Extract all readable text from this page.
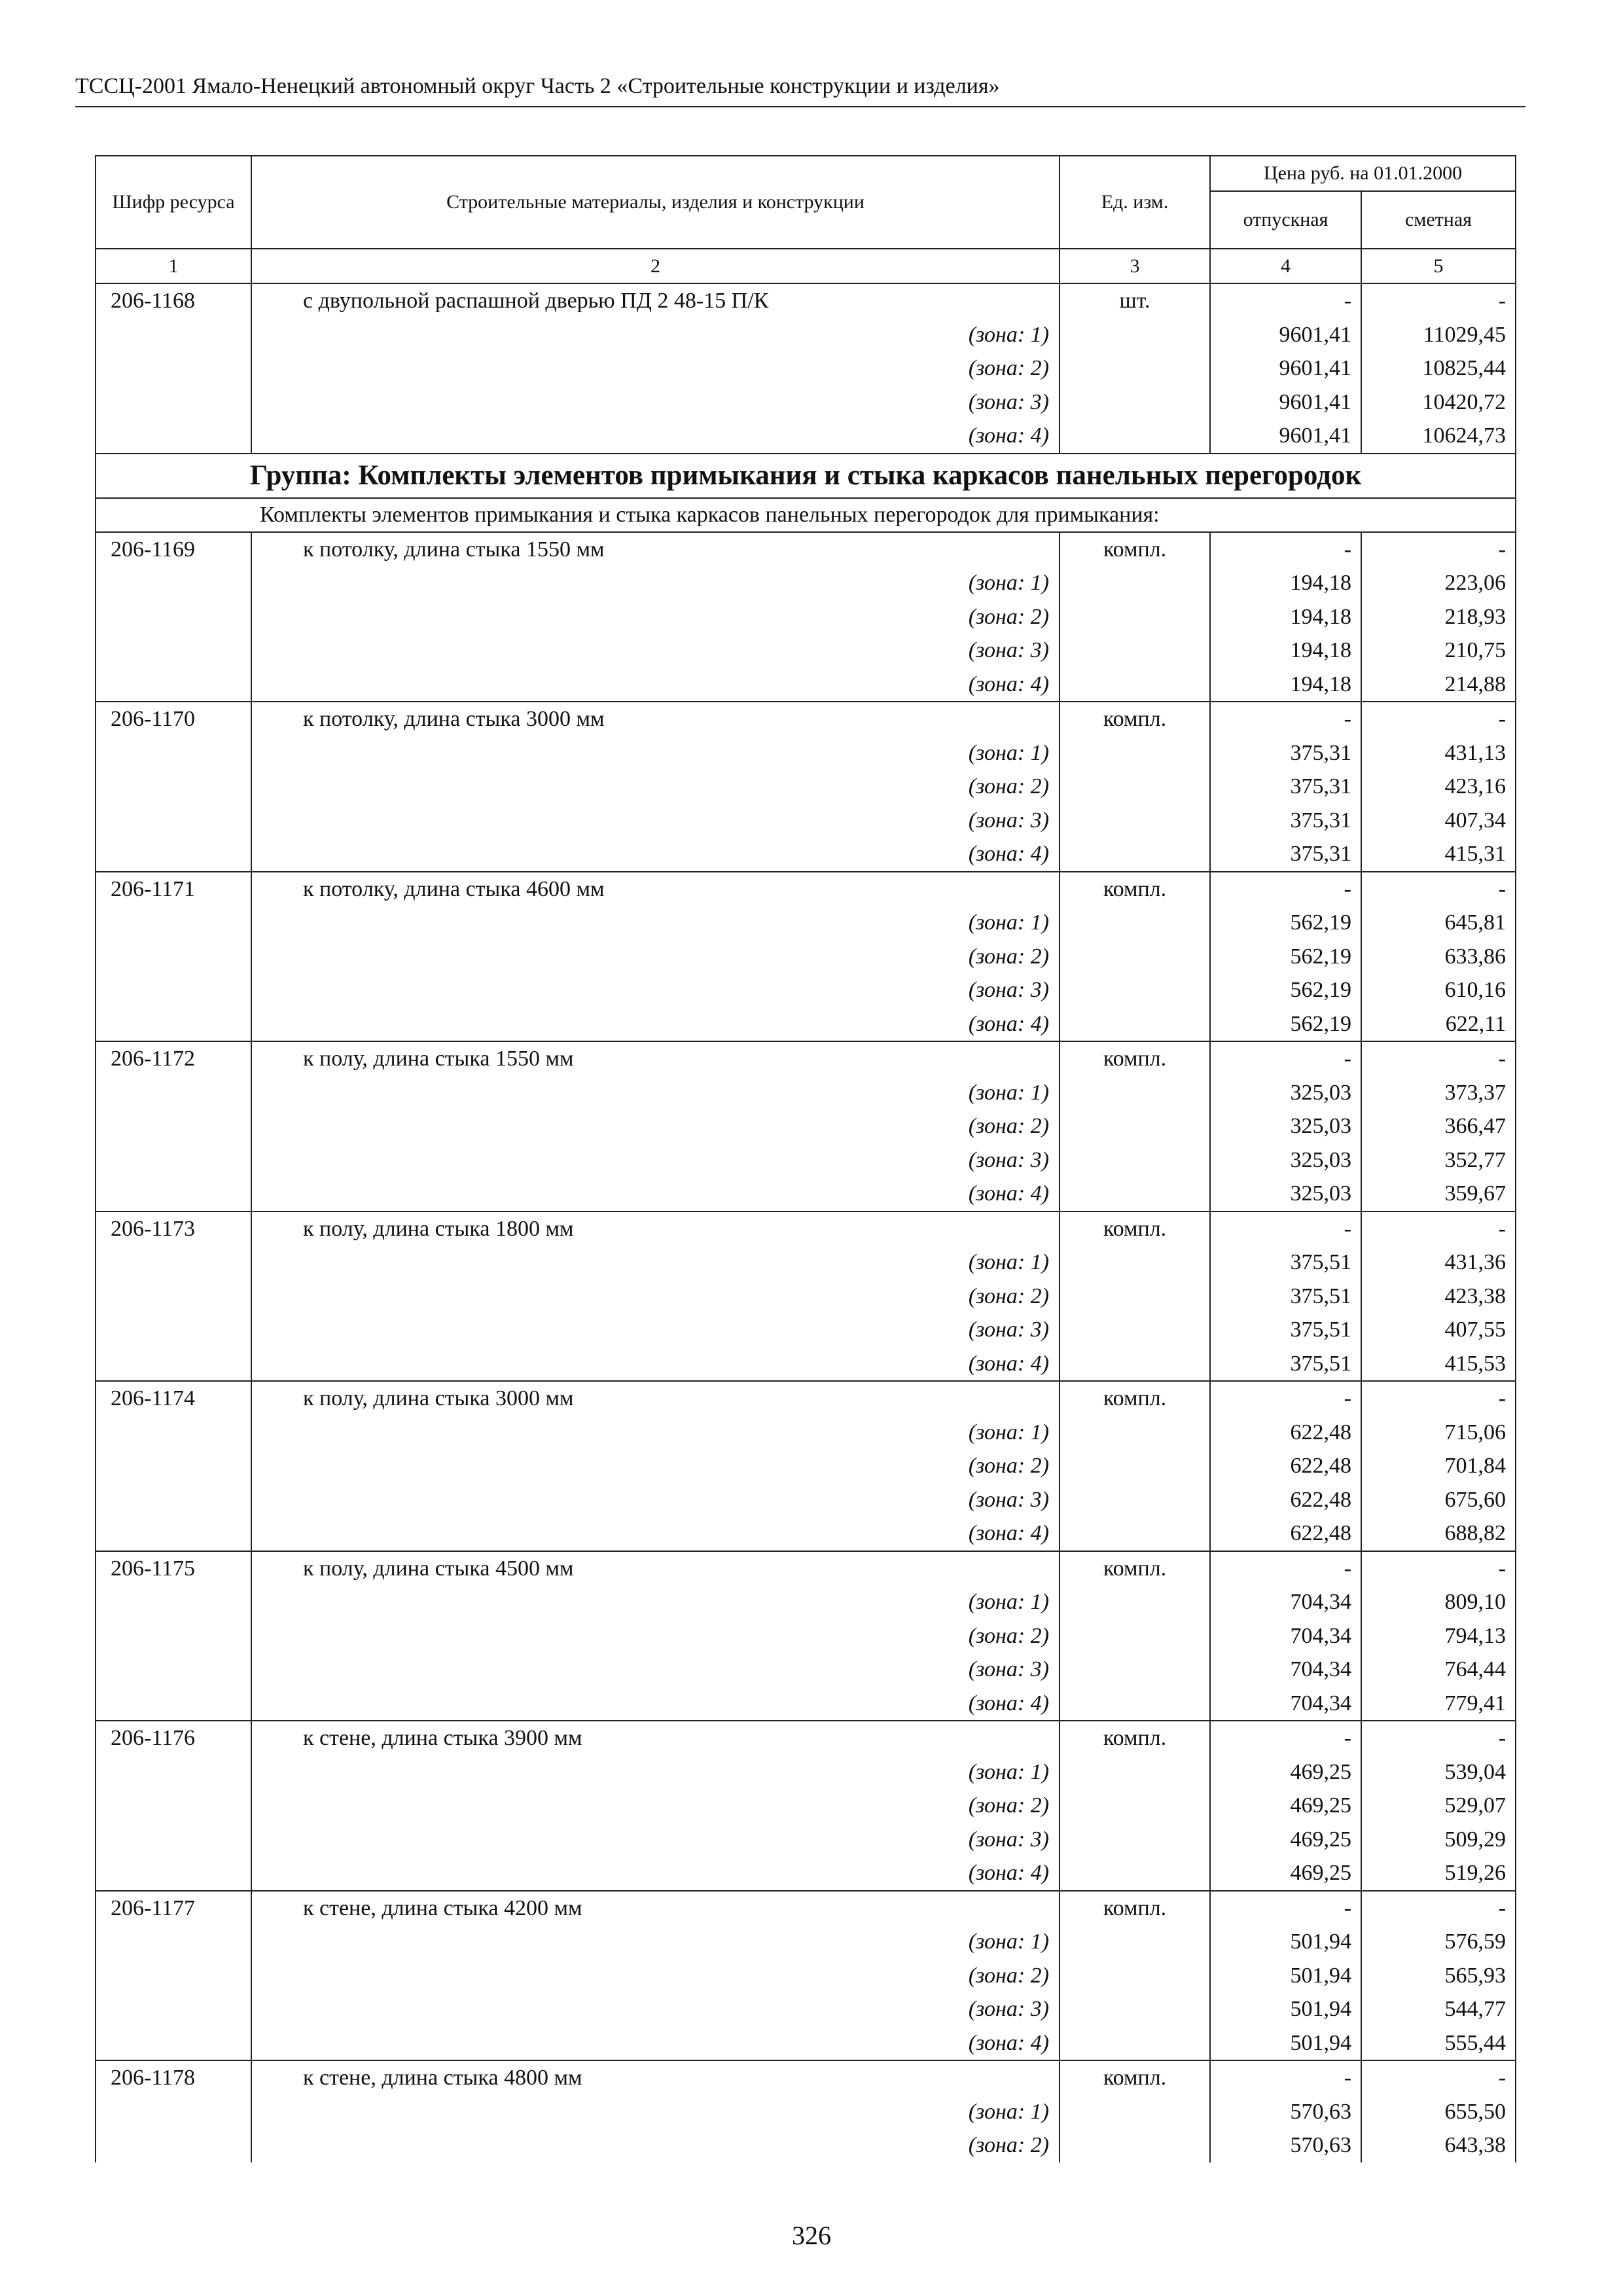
ТССЦ-2001 Ямало-Ненецкий автономный округ Часть 2 «Строительные конструкции и изделия»
Шифр ресурса	Строительные материалы, изделия и конструкции	Ед. изм.	Цена руб. на 01.01.2000	
			отпускная	сметная
1	2	3	4	5
206-1168	с двупольной распашной дверью ПД 2 48-15 П/К	шт.	-	-
	(зона: 1)		9601,41	11029,45
	(зона: 2)		9601,41	10825,44
	(зона: 3)		9601,41	10420,72
	(зона: 4)		9601,41	10624,73
Группа: Комплекты элементов примыкания и стыка каркасов панельных перегородок				
Комплекты элементов примыкания и стыка каркасов панельных перегородок для примыкания:				
206-1169	к потолку, длина стыка 1550 мм	компл.	-	-
	(зона: 1)		194,18	223,06
	(зона: 2)		194,18	218,93
	(зона: 3)		194,18	210,75
	(зона: 4)		194,18	214,88
206-1170	к потолку, длина стыка 3000 мм	компл.	-	-
	(зона: 1)		375,31	431,13
	(зона: 2)		375,31	423,16
	(зона: 3)		375,31	407,34
	(зона: 4)		375,31	415,31
206-1171	к потолку, длина стыка 4600 мм	компл.	-	-
	(зона: 1)		562,19	645,81
	(зона: 2)		562,19	633,86
	(зона: 3)		562,19	610,16
	(зона: 4)		562,19	622,11
206-1172	к полу, длина стыка 1550 мм	компл.	-	-
	(зона: 1)		325,03	373,37
	(зона: 2)		325,03	366,47
	(зона: 3)		325,03	352,77
	(зона: 4)		325,03	359,67
206-1173	к полу, длина стыка 1800 мм	компл.	-	-
	(зона: 1)		375,51	431,36
	(зона: 2)		375,51	423,38
	(зона: 3)		375,51	407,55
	(зона: 4)		375,51	415,53
206-1174	к полу, длина стыка 3000 мм	компл.	-	-
	(зона: 1)		622,48	715,06
	(зона: 2)		622,48	701,84
	(зона: 3)		622,48	675,60
	(зона: 4)		622,48	688,82
206-1175	к полу, длина стыка 4500 мм	компл.	-	-
	(зона: 1)		704,34	809,10
	(зона: 2)		704,34	794,13
	(зона: 3)		704,34	764,44
	(зона: 4)		704,34	779,41
206-1176	к стене, длина стыка 3900 мм	компл.	-	-
	(зона: 1)		469,25	539,04
	(зона: 2)		469,25	529,07
	(зона: 3)		469,25	509,29
	(зона: 4)		469,25	519,26
206-1177	к стене, длина стыка 4200 мм	компл.	-	-
	(зона: 1)		501,94	576,59
	(зона: 2)		501,94	565,93
	(зона: 3)		501,94	544,77
	(зона: 4)		501,94	555,44
206-1178	к стене, длина стыка 4800 мм	компл.	-	-
	(зона: 1)		570,63	655,50
	(зона: 2)		570,63	643,38
326
